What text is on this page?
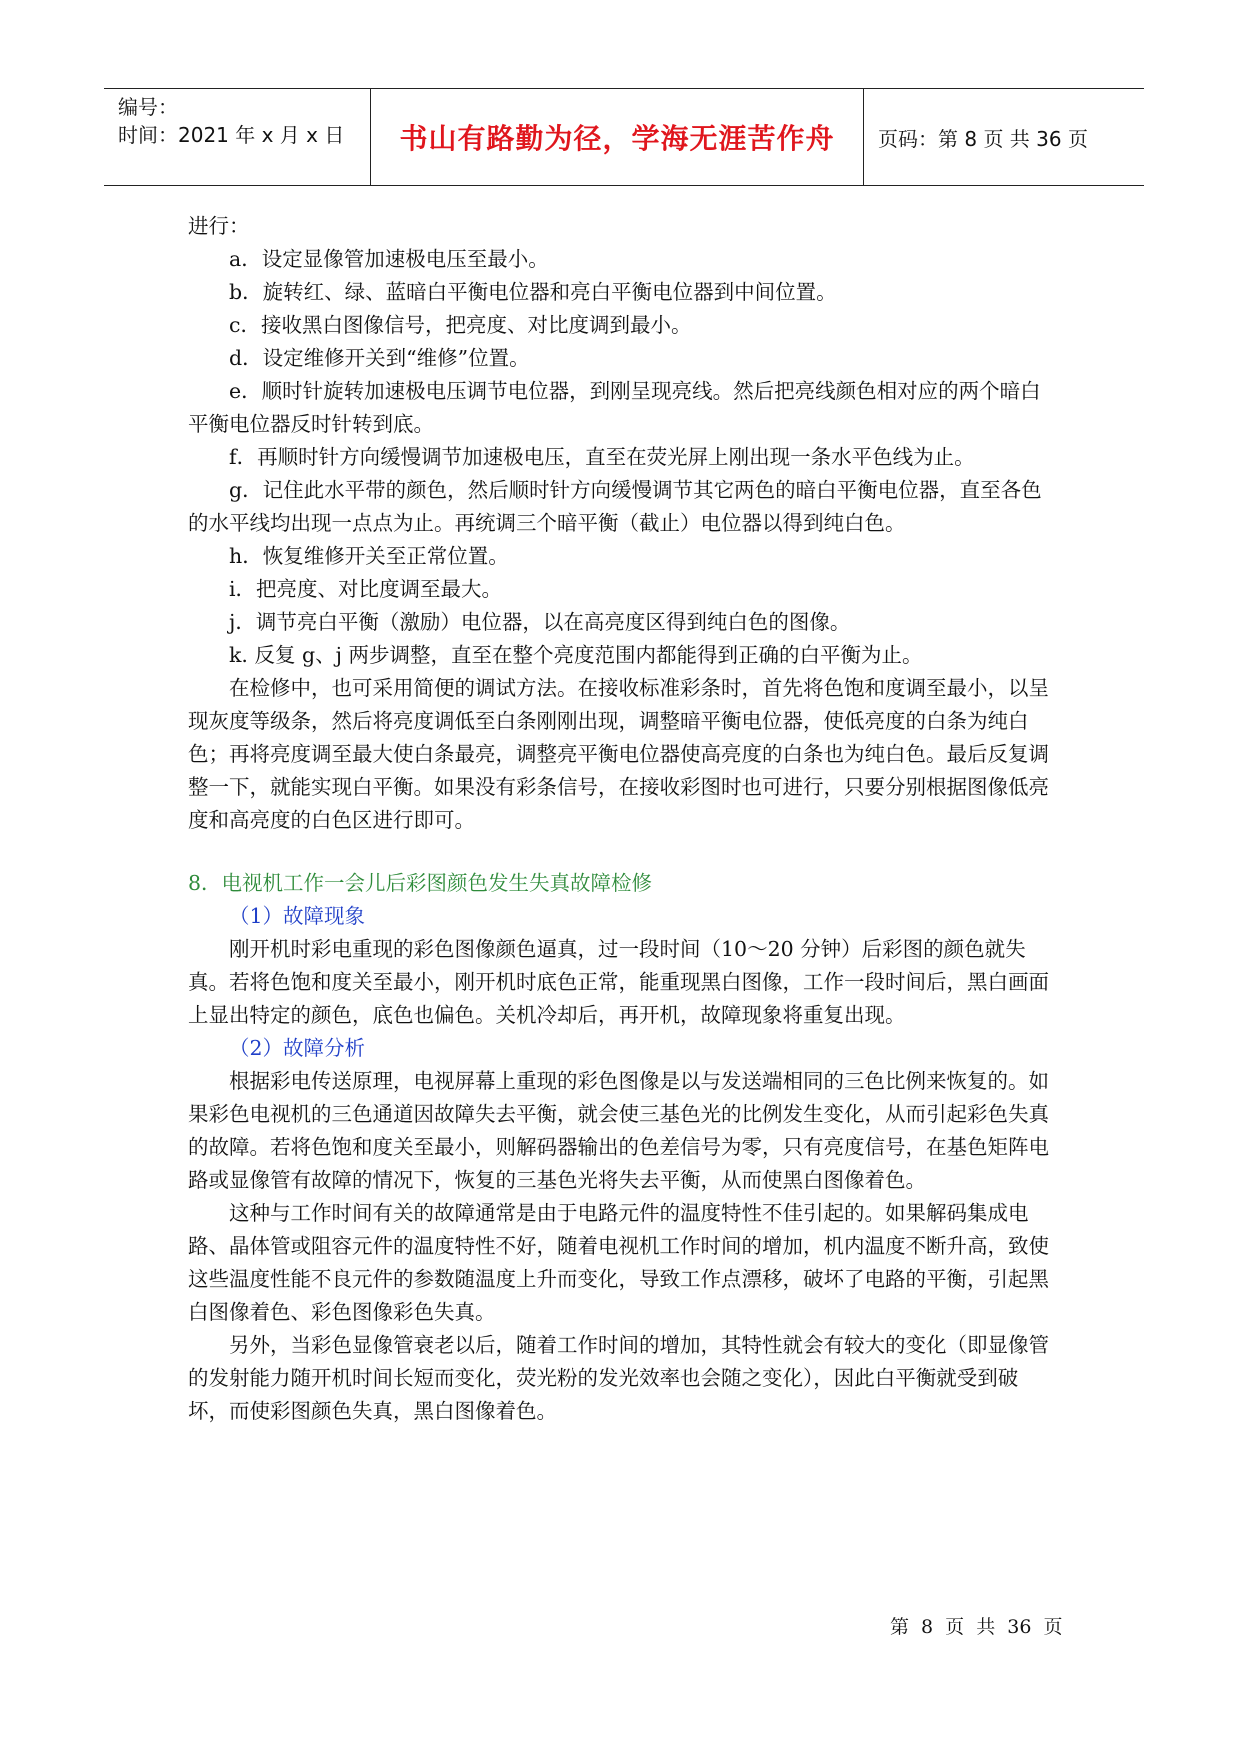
编号：
时间：2021 年 x 月 x 日	书山有路勤为径，学海无涯苦作舟 页码：第 8 页 共 36 页

进行：

a．设定显像管加速极电压至最小。

b．旋转红、绿、蓝暗白平衡电位器和亮白平衡电位器到中间位置。

c．接收黑白图像信号，把亮度、对比度调到最小。

d．设定维修开关到“维修”位置。

e．顺时针旋转加速极电压调节电位器，到刚呈现亮线。然后把亮线颜色相对应的两个暗白平衡电位器反时针转到底。

f．再顺时针方向缓慢调节加速极电压，直至在荧光屏上刚出现一条水平色线为止。

g．记住此水平带的颜色，然后顺时针方向缓慢调节其它两色的暗白平衡电位器，直至各色的水平线均出现一点点为止。再统调三个暗平衡（截止）电位器以得到纯白色。

h．恢复维修开关至正常位置。

i．把亮度、对比度调至最大。

j．调节亮白平衡（激励）电位器，以在高亮度区得到纯白色的图像。

k. 反复 g、j 两步调整，直至在整个亮度范围内都能得到正确的白平衡为止。

在检修中，也可采用简便的调试方法。在接收标准彩条时，首先将色饱和度调至最小，以呈现灰度等级条，然后将亮度调低至白条刚刚出现，调整暗平衡电位器，使低亮度的白条为纯白色；再将亮度调至最大使白条最亮，调整亮平衡电位器使高亮度的白条也为纯白色。最后反复调整一下，就能实现白平衡。如果没有彩条信号，在接收彩图时也可进行，只要分别根据图像低亮度和高亮度的白色区进行即可。

8．电视机工作一会儿后彩图颜色发生失真故障检修

（1）故障现象

刚开机时彩电重现的彩色图像颜色逼真，过一段时间（10～20 分钟）后彩图的颜色就失真。若将色饱和度关至最小，刚开机时底色正常，能重现黑白图像，工作一段时间后，黑白画面上显出特定的颜色，底色也偏色。关机冷却后，再开机，故障现象将重复出现。

（2）故障分析

根据彩电传送原理，电视屏幕上重现的彩色图像是以与发送端相同的三色比例来恢复的。如果彩色电视机的三色通道因故障失去平衡，就会使三基色光的比例发生变化，从而引起彩色失真的故障。若将色饱和度关至最小，则解码器输出的色差信号为零，只有亮度信号，在基色矩阵电路或显像管有故障的情况下，恢复的三基色光将失去平衡，从而使黑白图像着色。

这种与工作时间有关的故障通常是由于电路元件的温度特性不佳引起的。如果解码集成电路、晶体管或阻容元件的温度特性不好，随着电视机工作时间的增加，机内温度不断升高，致使这些温度性能不良元件的参数随温度上升而变化，导致工作点漂移，破坏了电路的平衡，引起黑白图像着色、彩色图像彩色失真。

另外，当彩色显像管衰老以后，随着工作时间的增加，其特性就会有较大的变化（即显像管的发射能力随开机时间长短而变化，荧光粉的发光效率也会随之变化），因此白平衡就受到破坏，而使彩图颜色失真，黑白图像着色。

第 8 页 共 36 页
